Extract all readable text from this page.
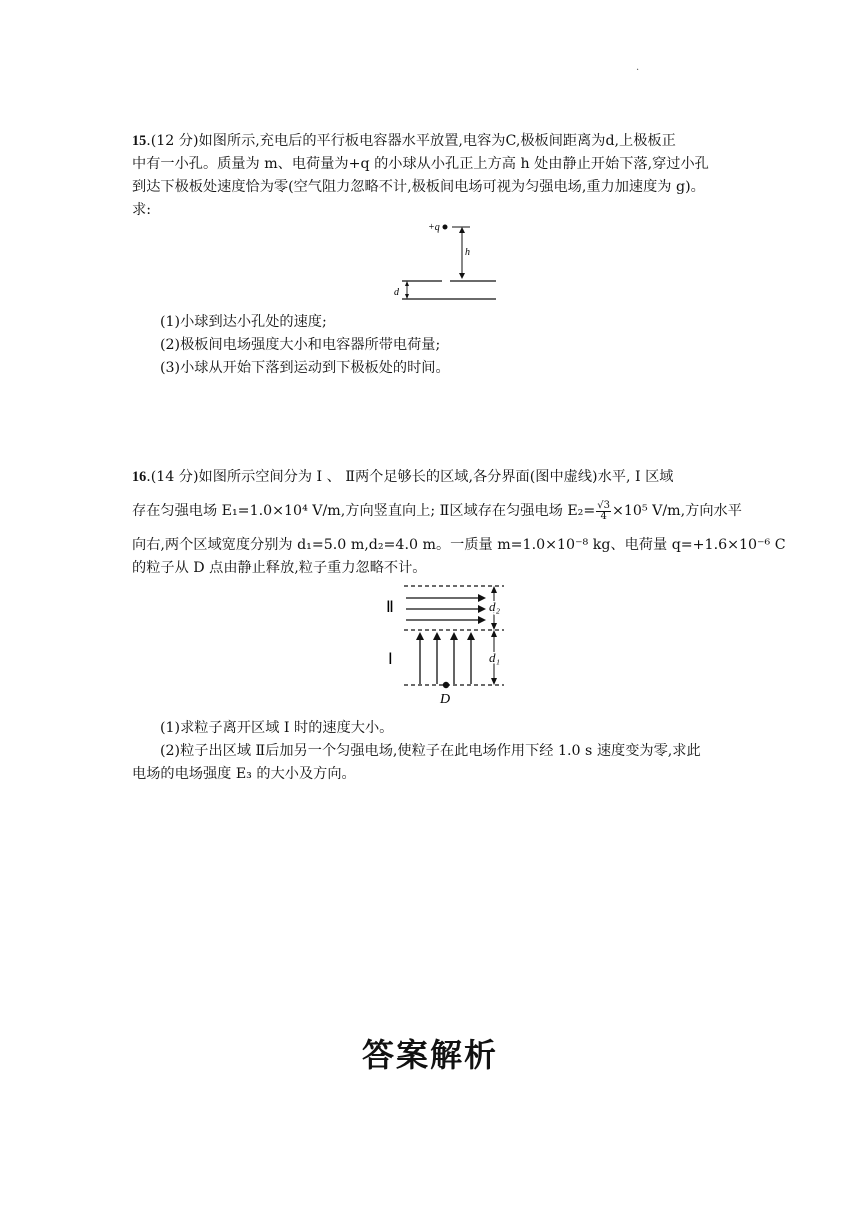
.
15.(12 分)如图所示,充电后的平行板电容器水平放置,电容为C,极板间距离为d,上极板正
中有一小孔。质量为 m、电荷量为+q 的小球从小孔正上方高 h 处由静止开始下落,穿过小孔
到达下极板处速度恰为零(空气阻力忽略不计,极板间电场可视为匀强电场,重力加速度为 g)。
求:
+q
h
d
(1)小球到达小孔处的速度;
(2)极板间电场强度大小和电容器所带电荷量;
(3)小球从开始下落到运动到下极板处的时间。
16.(14 分)如图所示空间分为 Ⅰ 、 Ⅱ两个足够长的区域,各分界面(图中虚线)水平, Ⅰ 区域
存在匀强电场 E₁=1.0×10⁴ V/m,方向竖直向上; Ⅱ区域存在匀强电场 $E_2= \frac{√3}{4} \times 10^5$ V/m,方向水平
向右,两个区域宽度分别为 d₁=5.0 m,d₂=4.0 m。一质量 m=1.0×10⁻⁸ kg、电荷量 q=+1.6×10⁻⁶ C
的粒子从 D 点由静止释放,粒子重力忽略不计。
Ⅱ
Ⅰ
d₂
d₁
D
(1)求粒子离开区域 Ⅰ 时的速度大小。
(2)粒子出区域 Ⅱ后加另一个匀强电场,使粒子在此电场作用下经 1.0 s 速度变为零,求此
电场的电场强度 E₃ 的大小及方向。
答案解析
